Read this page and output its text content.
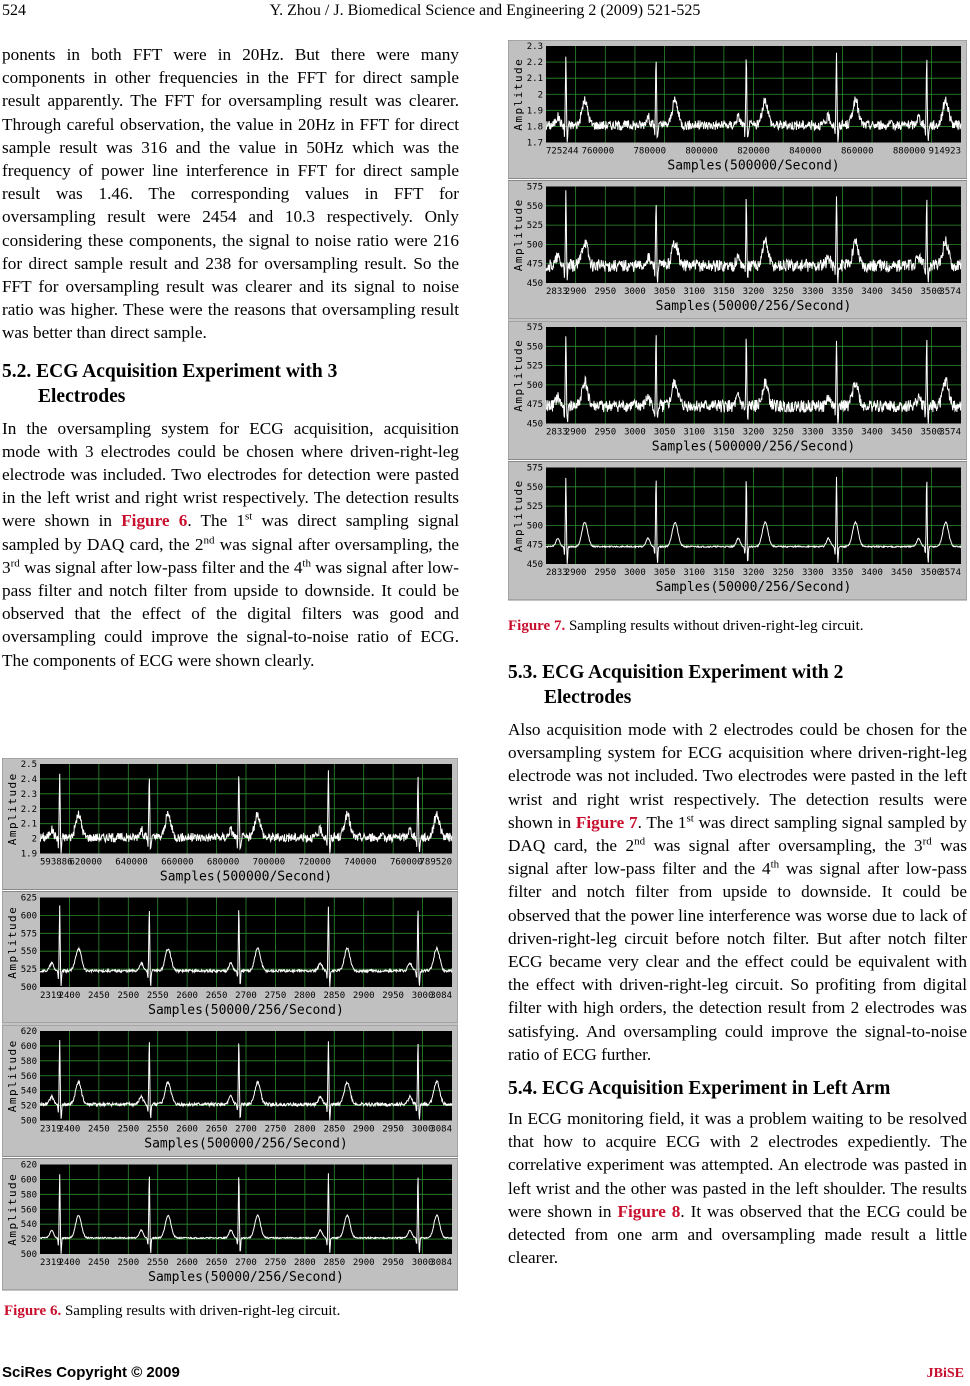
524	Y. Zhou / J. Biomedical Science and Engineering 2 (2009) 521-525

ponents in both FFT were in 20Hz. But there were many components in other frequencies in the FFT for direct sample result apparently. The FFT for oversampling result was clearer. Through careful observation, the value in 20Hz in FFT for direct sample result was 316 and the value in 50Hz which was the frequency of power line interference in FFT for direct sample result was 1.46. The corresponding values in FFT for oversampling result were 2454 and 10.3 respectively. Only considering these components, the signal to noise ratio were 216 for direct sample result and 238 for oversampling result. So the FFT for oversampling result was clearer and its signal to noise ratio was higher. These were the reasons that oversampling result was better than direct sample.

5.2. ECG Acquisition Experiment with 3
Electrodes

In the oversampling system for ECG acquisition, acquisition mode with 3 electrodes could be chosen where driven-right-leg electrode was included. Two electrodes for detection were pasted in the left wrist and right wrist respectively. The detection results were shown in Figure 6. The 1st was direct sampling signal sampled by DAQ card, the 2nd was signal after oversampling, the 3rd was signal after low-pass filter and the 4th was signal after low-pass filter and notch filter from upside to downside. It could be observed that the effect of the digital filters was good and oversampling could improve the signal-to-noise ratio of ECG. The components of ECG were shown clearly.

2.5
2.4
2.3
2.2
2.1
2
1.9
593886
620000 640000 660000 680000 700000 720000 740000 760000
789520
Amplitude
Samples(500000/Second)
625
600
575
550
525
500
2319
2400 2450 2500 2550 2600 2650 2700 2750 2800 2850 2900 2950 3000
3084
Amplitude
Samples(50000/256/Second)
620
600
580
560
540
520
500
2319
2400 2450 2500 2550 2600 2650 2700 2750 2800 2850 2900 2950 3000
3084
Amplitude
Samples(500000/256/Second)
620
600
580
560
540
520
500
2319
2400 2450 2500 2550 2600 2650 2700 2750 2800 2850 2900 2950 3000
3084
Amplitude
Samples(50000/256/Second)
Figure 6. Sampling results with driven-right-leg circuit.
2.3
2.2
2.1
2
1.9
1.8
1.7
725244 760000 780000 800000 820000 840000 860000 880000 914923
Amplitude
Samples(500000/Second)
575
550
525
500
475
450
2833
2900 2950 3000 3050 3100 3150 3200 3250 3300 3350 3400 3450 3500
3574
Amplitude
Samples(50000/256/Second)
575
550
525
500
475
450
2833
2900 2950 3000 3050 3100 3150 3200 3250 3300 3350 3400 3450 3500
3574
Amplitude
Samples(500000/256/Second)
575
550
525
500
475
450
2833
2900 2950 3000 3050 3100 3150 3200 3250 3300 3350 3400 3450 3500
3574
Amplitude
Samples(50000/256/Second)
Figure 7. Sampling results without driven-right-leg circuit.
5.3. ECG Acquisition Experiment with 2
Electrodes

Also acquisition mode with 2 electrodes could be chosen for the oversampling system for ECG acquisition where driven-right-leg electrode was not included. Two electrodes were pasted in the left wrist and right wrist respectively. The detection results were shown in Figure 7. The 1st was direct sampling signal sampled by DAQ card, the 2nd was signal after oversampling, the 3rd was signal after low-pass filter and the 4th was signal after low-pass filter and notch filter from upside to downside. It could be observed that the power line interference was worse due to lack of driven-right-leg circuit before notch filter. But after notch filter ECG became very clear and the effect could be equivalent with the effect with driven-right-leg circuit. So profiting from digital filter with high orders, the detection result from 2 electrodes was satisfying. And oversampling could improve the signal-to-noise ratio of ECG further.

5.4. ECG Acquisition Experiment in Left Arm

In ECG monitoring field, it was a problem waiting to be resolved that how to acquire ECG with 2 electrodes expediently. The correlative experiment was attempted. An electrode was pasted in left wrist and the other was pasted in the left shoulder. The results were shown in Figure 8. It was observed that the ECG could be detected from one arm and oversampling made result a little clearer.

SciRes Copyright © 2009	JBiSE
